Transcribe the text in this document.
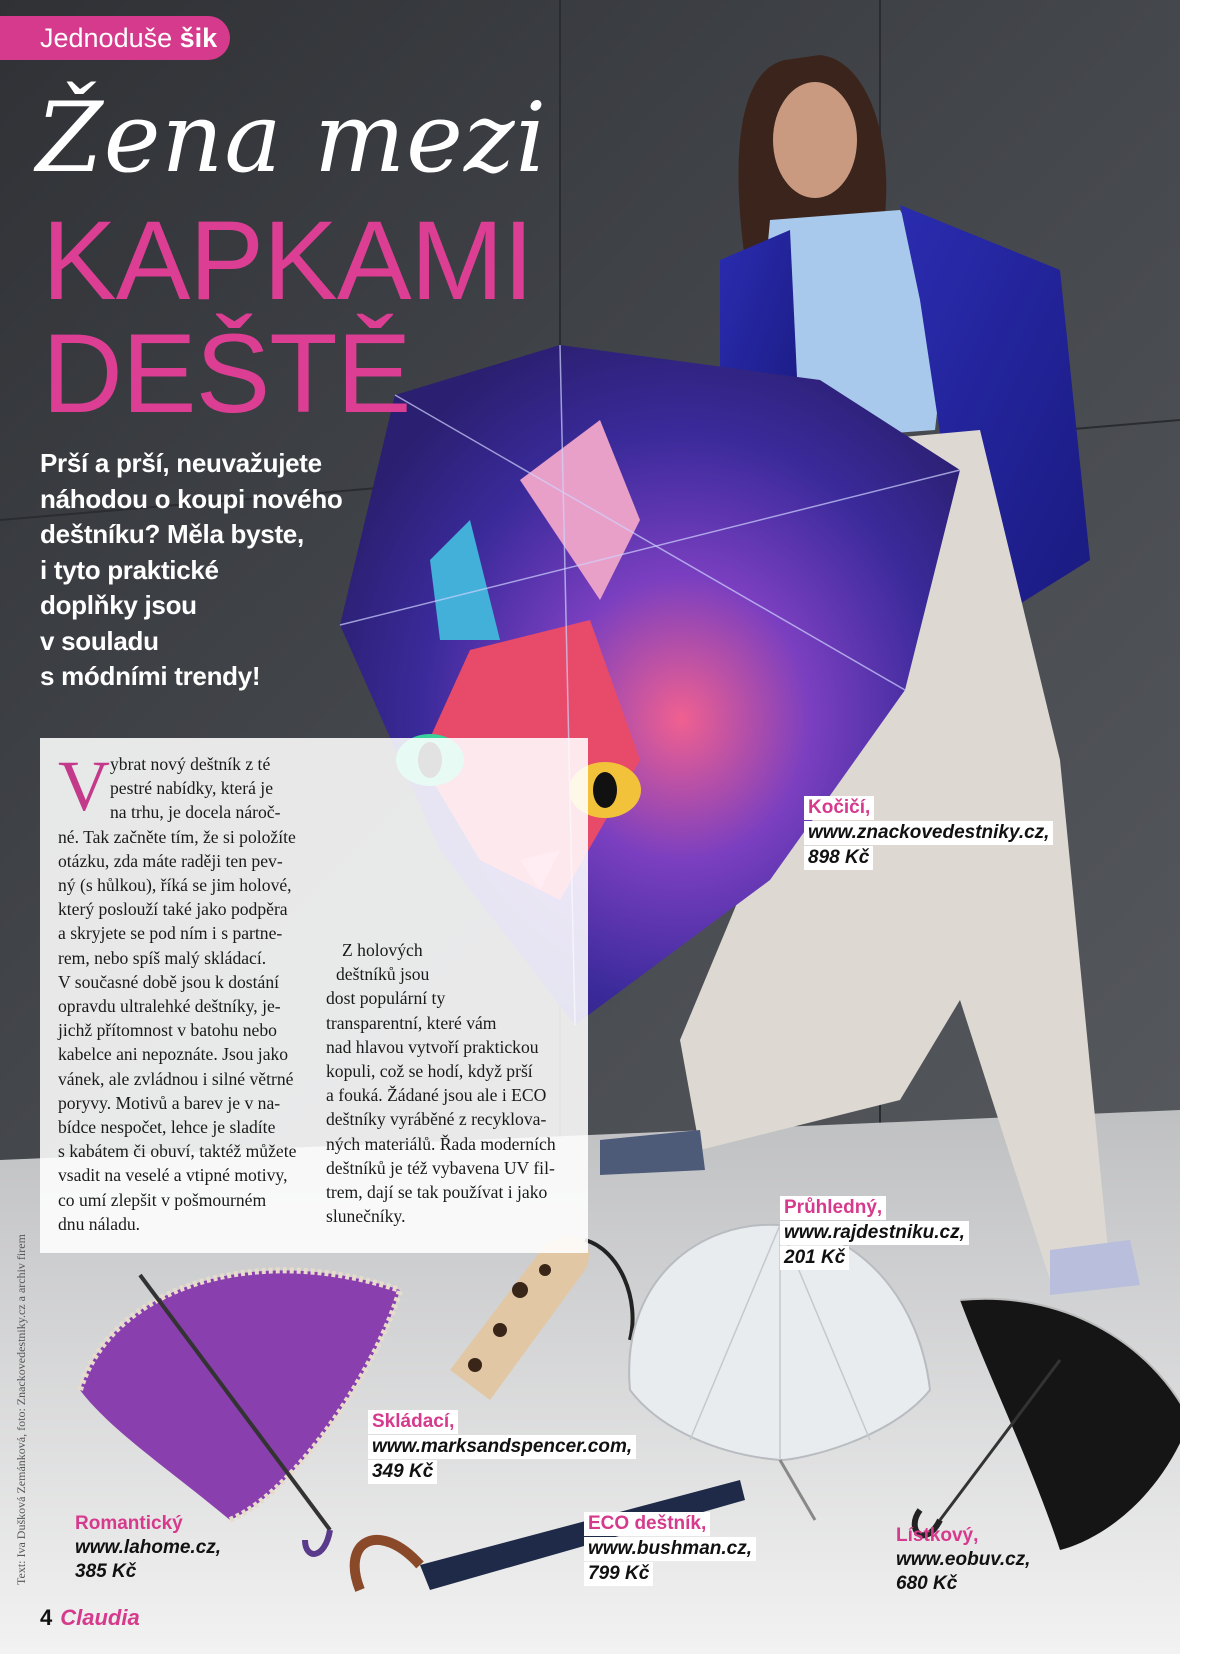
Jednoduše šik
Žena mezi
KAPKAMI
DEŠTĚ
Prší a prší, neuvažujete
náhodou o koupi nového
deštníku? Měla byste,
i tyto praktické
doplňky jsou
v souladu
s módními trendy!
V ybrat nový deštník z té
pestré nabídky, která je
na trhu, je docela nároč-
né. Tak začněte tím, že si položíte
otázku, zda máte raději ten pev-
ný (s hůlkou), říká se jim holové,
který poslouží také jako podpěra
a skryjete se pod ním i s partne-
rem, nebo spíš malý skládací.
V současné době jsou k dostání
opravdu ultralehké deštníky, je-
jichž přítomnost v batohu nebo
kabelce ani nepoznáte. Jsou jako
vánek, ale zvládnou i silné větrné
poryvy. Motivů a barev je v na-
bídce nespočet, lehce je sladíte
s kabátem či obuví, taktéž můžete
vsadit na veselé a vtipné motivy,
co umí zlepšit v pošmourném
dnu náladu.
Z holových
deštníků jsou
dost populární ty
transparentní, které vám
nad hlavou vytvoří praktickou
kopuli, což se hodí, když prší
a fouká. Žádané jsou ale i ECO
deštníky vyráběné z recyklova-
ných materiálů. Řada moderních
deštníků je též vybavena UV fil-
trem, dají se tak používat i jako
slunečníky.
Kočičí,
www.znackovedestniky.cz,
898 Kč
Průhledný,
www.rajdestniku.cz,
201 Kč
Skládací,
www.marksandspencer.com,
349 Kč
Romantický
www.lahome.cz,
385 Kč
ECO deštník,
www.bushman.cz,
799 Kč
Lístkový,
www.eobuv.cz,
680 Kč
Text: Iva Dušková Zemánková, foto: Znackovedestniky.cz a archiv firem
4 Claudia
